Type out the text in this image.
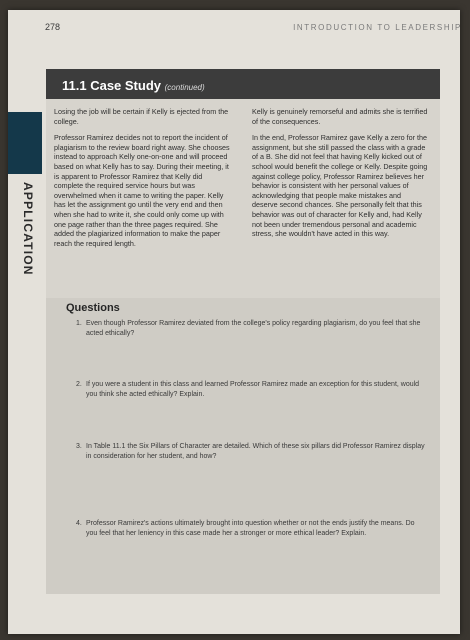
278	INTRODUCTION TO LEADERSHIP
11.1 Case Study (continued)
APPLICATION

Losing the job will be certain if Kelly is ejected from the college.

Professor Ramirez decides not to report the incident of plagiarism to the review board right away. She chooses instead to approach Kelly one-on-one and will proceed based on what Kelly has to say. During their meeting, it is apparent to Professor Ramirez that Kelly did complete the required service hours but was overwhelmed when it came to writing the paper. Kelly has let the assignment go until the very end and then when she had to write it, she could only come up with one page rather than the three pages required. She added the plagiarized information to make the paper reach the required length.

Kelly is genuinely remorseful and admits she is terrified of the consequences.

In the end, Professor Ramirez gave Kelly a zero for the assignment, but she still passed the class with a grade of a B. She did not feel that having Kelly kicked out of school would benefit the college or Kelly. Despite going against college policy, Professor Ramirez believes her behavior is consistent with her personal values of acknowledging that people make mistakes and deserve second chances. She personally felt that this behavior was out of character for Kelly and, had Kelly not been under tremendous personal and academic stress, she wouldn't have acted in this way.

Questions
1. Even though Professor Ramirez deviated from the college's policy regarding plagiarism, do you feel that she acted ethically?
2. If you were a student in this class and learned Professor Ramirez made an exception for this student, would you think she acted ethically? Explain.
3. In Table 11.1 the Six Pillars of Character are detailed. Which of these six pillars did Professor Ramirez display in consideration for her student, and how?
4. Professor Ramirez's actions ultimately brought into question whether or not the ends justify the means. Do you feel that her leniency in this case made her a stronger or more ethical leader? Explain.
